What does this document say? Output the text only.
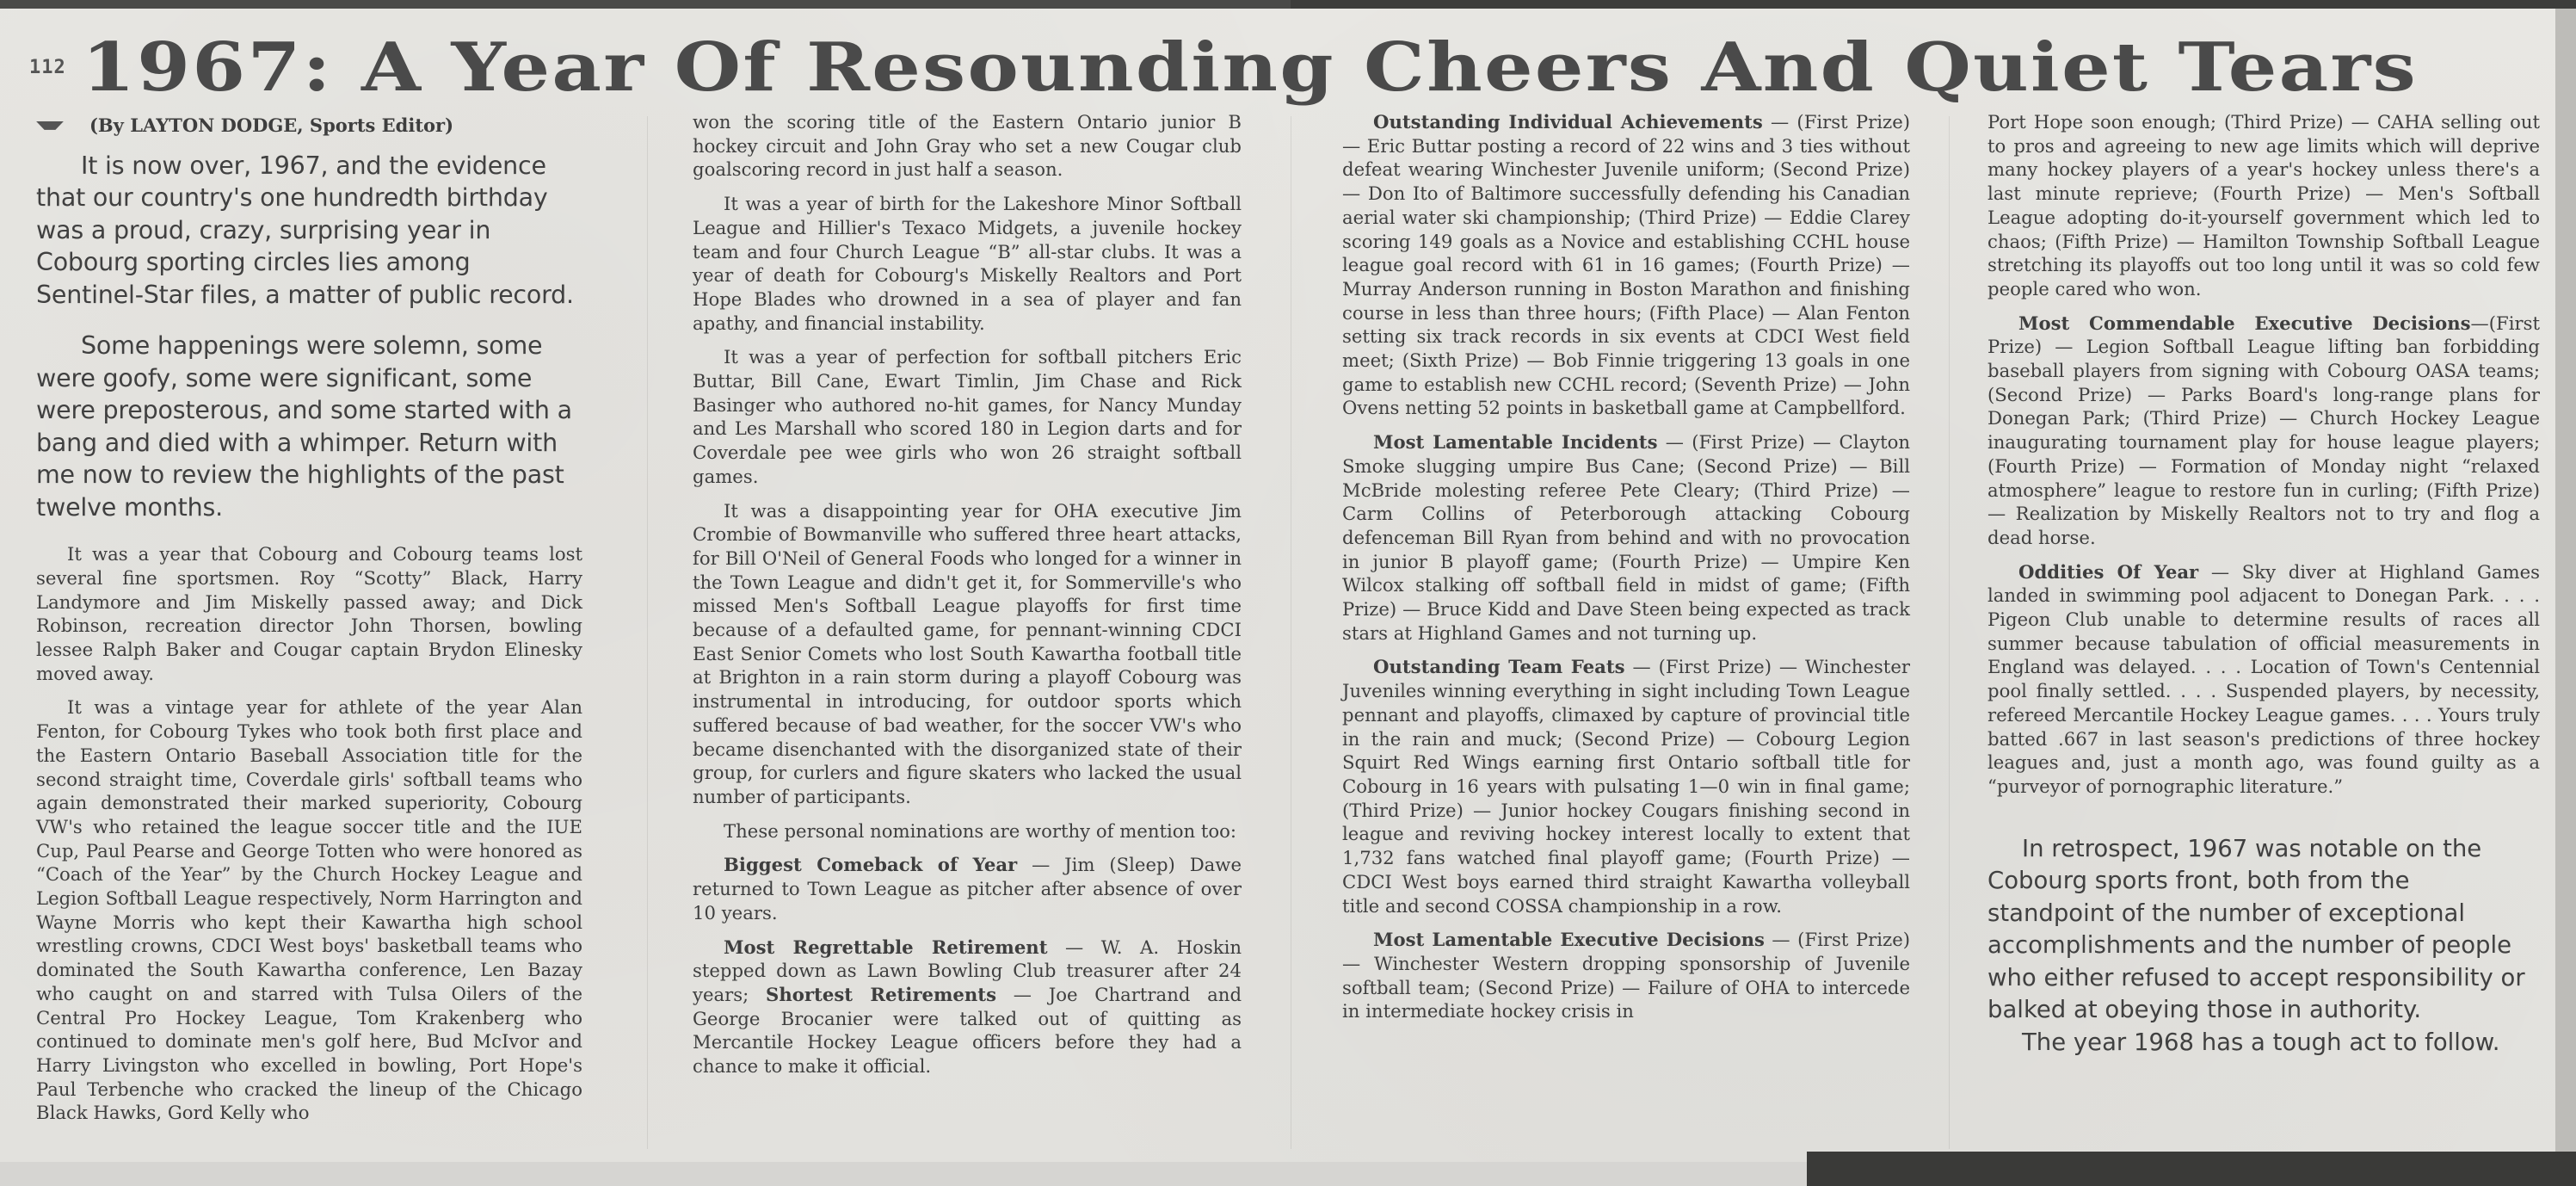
112 1967: A Year Of Resounding Cheers And Quiet Tears
(By LAYTON DODGE, Sports Editor)

It is now over, 1967, and the evidence that our country's one hundredth birthday was a proud, crazy, surprising year in Cobourg sporting circles lies among Sentinel-Star files, a matter of public record.

Some happenings were solemn, some were goofy, some were significant, some were preposterous, and some started with a bang and died with a whimper. Return with me now to review the highlights of the past twelve months.

It was a year that Cobourg and Cobourg teams lost several fine sportsmen. Roy “Scotty” Black, Harry Landymore and Jim Miskelly passed away; and Dick Robinson, recreation director John Thorsen, bowling lessee Ralph Baker and Cougar captain Brydon Elinesky moved away.

It was a vintage year for athlete of the year Alan Fenton, for Cobourg Tykes who took both first place and the Eastern Ontario Baseball Association title for the second straight time, Coverdale girls' softball teams who again demonstrated their marked superiority, Cobourg VW's who retained the league soccer title and the IUE Cup, Paul Pearse and George Totten who were honored as “Coach of the Year” by the Church Hockey League and Legion Softball League respectively, Norm Harrington and Wayne Morris who kept their Kawartha high school wrestling crowns, CDCI West boys' basketball teams who dominated the South Kawartha conference, Len Bazay who caught on and starred with Tulsa Oilers of the Central Pro Hockey League, Tom Krakenberg who continued to dominate men's golf here, Bud McIvor and Harry Livingston who excelled in bowling, Port Hope's Paul Terbenche who cracked the lineup of the Chicago Black Hawks, Gord Kelly who

won the scoring title of the Eastern Ontario junior B hockey circuit and John Gray who set a new Cougar club goalscoring record in just half a season.

It was a year of birth for the Lakeshore Minor Softball League and Hillier's Texaco Midgets, a juvenile hockey team and four Church League “B” all-star clubs. It was a year of death for Cobourg's Miskelly Realtors and Port Hope Blades who drowned in a sea of player and fan apathy, and financial instability.

It was a year of perfection for softball pitchers Eric Buttar, Bill Cane, Ewart Timlin, Jim Chase and Rick Basinger who authored no-hit games, for Nancy Munday and Les Marshall who scored 180 in Legion darts and for Coverdale pee wee girls who won 26 straight softball games.

It was a disappointing year for OHA executive Jim Crombie of Bowmanville who suffered three heart attacks, for Bill O'Neil of General Foods who longed for a winner in the Town League and didn't get it, for Sommerville's who missed Men's Softball League playoffs for first time because of a defaulted game, for pennant-winning CDCI East Senior Comets who lost South Kawartha football title at Brighton in a rain storm during a playoff Cobourg was instrumental in introducing, for outdoor sports which suffered because of bad weather, for the soccer VW's who became disenchanted with the disorganized state of their group, for curlers and figure skaters who lacked the usual number of participants.

These personal nominations are worthy of mention too:

Biggest Comeback of Year — Jim (Sleep) Dawe returned to Town League as pitcher after absence of over 10 years.

Most Regrettable Retirement — W. A. Hoskin stepped down as Lawn Bowling Club treasurer after 24 years; Shortest Retirements — Joe Chartrand and George Brocanier were talked out of quitting as Mercantile Hockey League officers before they had a chance to make it official.

Outstanding Individual Achievements — (First Prize) — Eric Buttar posting a record of 22 wins and 3 ties without defeat wearing Winchester Juvenile uniform; (Second Prize) — Don Ito of Baltimore successfully defending his Canadian aerial water ski championship; (Third Prize) — Eddie Clarey scoring 149 goals as a Novice and establishing CCHL house league goal record with 61 in 16 games; (Fourth Prize) — Murray Anderson running in Boston Marathon and finishing course in less than three hours; (Fifth Place) — Alan Fenton setting six track records in six events at CDCI West field meet; (Sixth Prize) — Bob Finnie triggering 13 goals in one game to establish new CCHL record; (Seventh Prize) — John Ovens netting 52 points in basketball game at Campbellford.

Most Lamentable Incidents — (First Prize) — Clayton Smoke slugging umpire Bus Cane; (Second Prize) — Bill McBride molesting referee Pete Cleary; (Third Prize) — Carm Collins of Peterborough attacking Cobourg defenceman Bill Ryan from behind and with no provocation in junior B playoff game; (Fourth Prize) — Umpire Ken Wilcox stalking off softball field in midst of game; (Fifth Prize) — Bruce Kidd and Dave Steen being expected as track stars at Highland Games and not turning up.

Outstanding Team Feats — (First Prize) — Winchester Juveniles winning everything in sight including Town League pennant and playoffs, climaxed by capture of provincial title in the rain and muck; (Second Prize) — Cobourg Legion Squirt Red Wings earning first Ontario softball title for Cobourg in 16 years with pulsating 1—0 win in final game; (Third Prize) — Junior hockey Cougars finishing second in league and reviving hockey interest locally to extent that 1,732 fans watched final playoff game; (Fourth Prize) — CDCI West boys earned third straight Kawartha volleyball title and second COSSA championship in a row.

Most Lamentable Executive Decisions — (First Prize) — Winchester Western dropping sponsorship of Juvenile softball team; (Second Prize) — Failure of OHA to intercede in intermediate hockey crisis in

Port Hope soon enough; (Third Prize) — CAHA selling out to pros and agreeing to new age limits which will deprive many hockey players of a year's hockey unless there's a last minute reprieve; (Fourth Prize) — Men's Softball League adopting do-it-yourself government which led to chaos; (Fifth Prize) — Hamilton Township Softball League stretching its playoffs out too long until it was so cold few people cared who won.

Most Commendable Executive Decisions—(First Prize) — Legion Softball League lifting ban forbidding baseball players from signing with Cobourg OASA teams; (Second Prize) — Parks Board's long-range plans for Donegan Park; (Third Prize) — Church Hockey League inaugurating tournament play for house league players; (Fourth Prize) — Formation of Monday night “relaxed atmosphere” league to restore fun in curling; (Fifth Prize) — Realization by Miskelly Realtors not to try and flog a dead horse.

Oddities Of Year — Sky diver at Highland Games landed in swimming pool adjacent to Donegan Park. . . . Pigeon Club unable to determine results of races all summer because tabulation of official measurements in England was delayed. . . . Location of Town's Centennial pool finally settled. . . . Suspended players, by necessity, refereed Mercantile Hockey League games. . . . Yours truly batted .667 in last season's predictions of three hockey leagues and, just a month ago, was found guilty as a “purveyor of pornographic literature.”

In retrospect, 1967 was notable on the Cobourg sports front, both from the standpoint of the number of exceptional accomplishments and the number of people who either refused to accept responsibility or balked at obeying those in authority.

The year 1968 has a tough act to follow.
